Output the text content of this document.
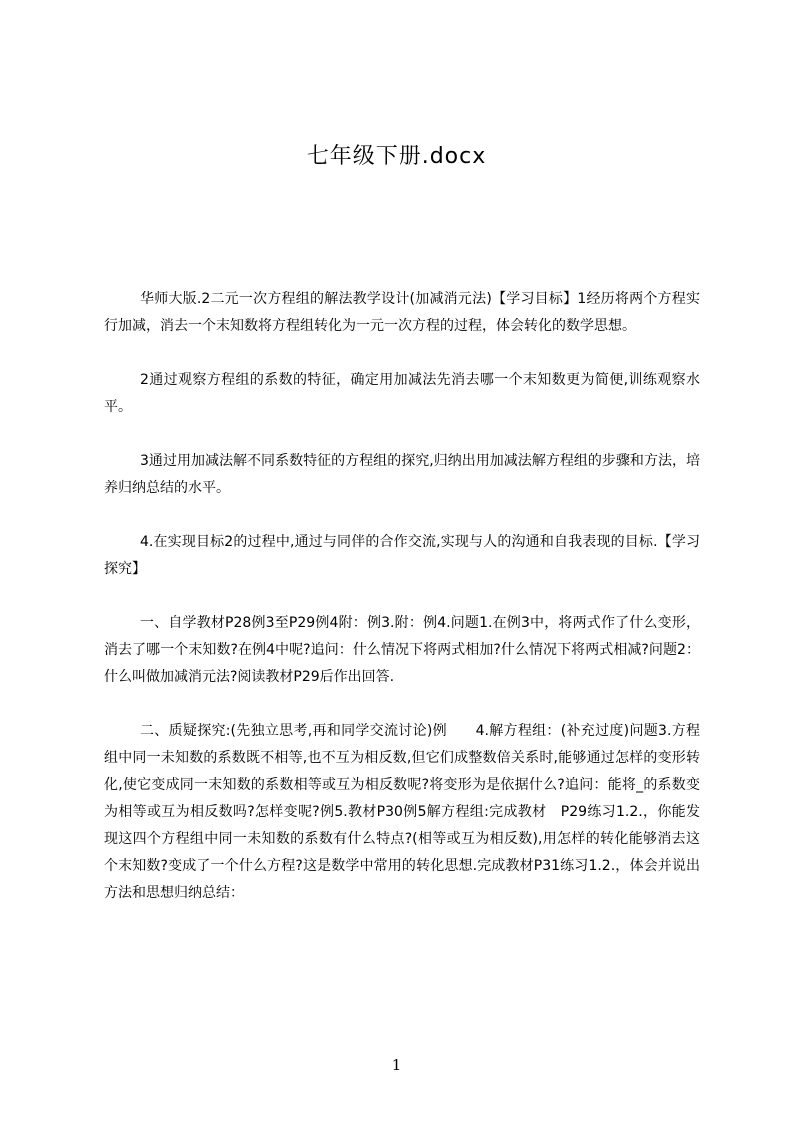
七年级下册.docx

华师大版.2二元一次方程组的解法教学设计(加减消元法)【学习目标】1经历将两个方程实行加减，消去一个末知数将方程组转化为一元一次方程的过程，体会转化的数学思想。

2通过观察方程组的系数的特征，确定用加减法先消去哪一个末知数更为简便,训练观察水平。

3通过用加减法解不同系数特征的方程组的探究,归纳出用加减法解方程组的步骤和方法，培养归纳总结的水平。

4.在实现目标2的过程中,通过与同伴的合作交流,实现与人的沟通和自我表现的目标.【学习探究】

一、自学教材P28例3至P29例4附：例3.附：例4.问题1.在例3中，将两式作了什么变形，消去了哪一个末知数?在例4中呢?追问：什么情况下将两式相加?什么情况下将两式相减?问题2：什么叫做加减消元法?阅读教材P29后作出回答.

二、质疑探究:(先独立思考,再和同学交流讨论)例　　4.解方程组：(补充过度)问题3.方程组中同一未知数的系数既不相等,也不互为相反数,但它们成整数倍关系时,能够通过怎样的变形转化,使它变成同一末知数的系数相等或互为相反数呢?将变形为是依据什么?追问：能将_的系数变为相等或互为相反数吗?怎样变呢?例5.教材P30例5解方程组:完成教材　P29练习1.2.，你能发现这四个方程组中同一未知数的系数有什么特点?(相等或互为相反数),用怎样的转化能够消去这个末知数?变成了一个什么方程?这是数学中常用的转化思想.完成教材P31练习1.2.，体会并说出方法和思想归纳总结：

1
